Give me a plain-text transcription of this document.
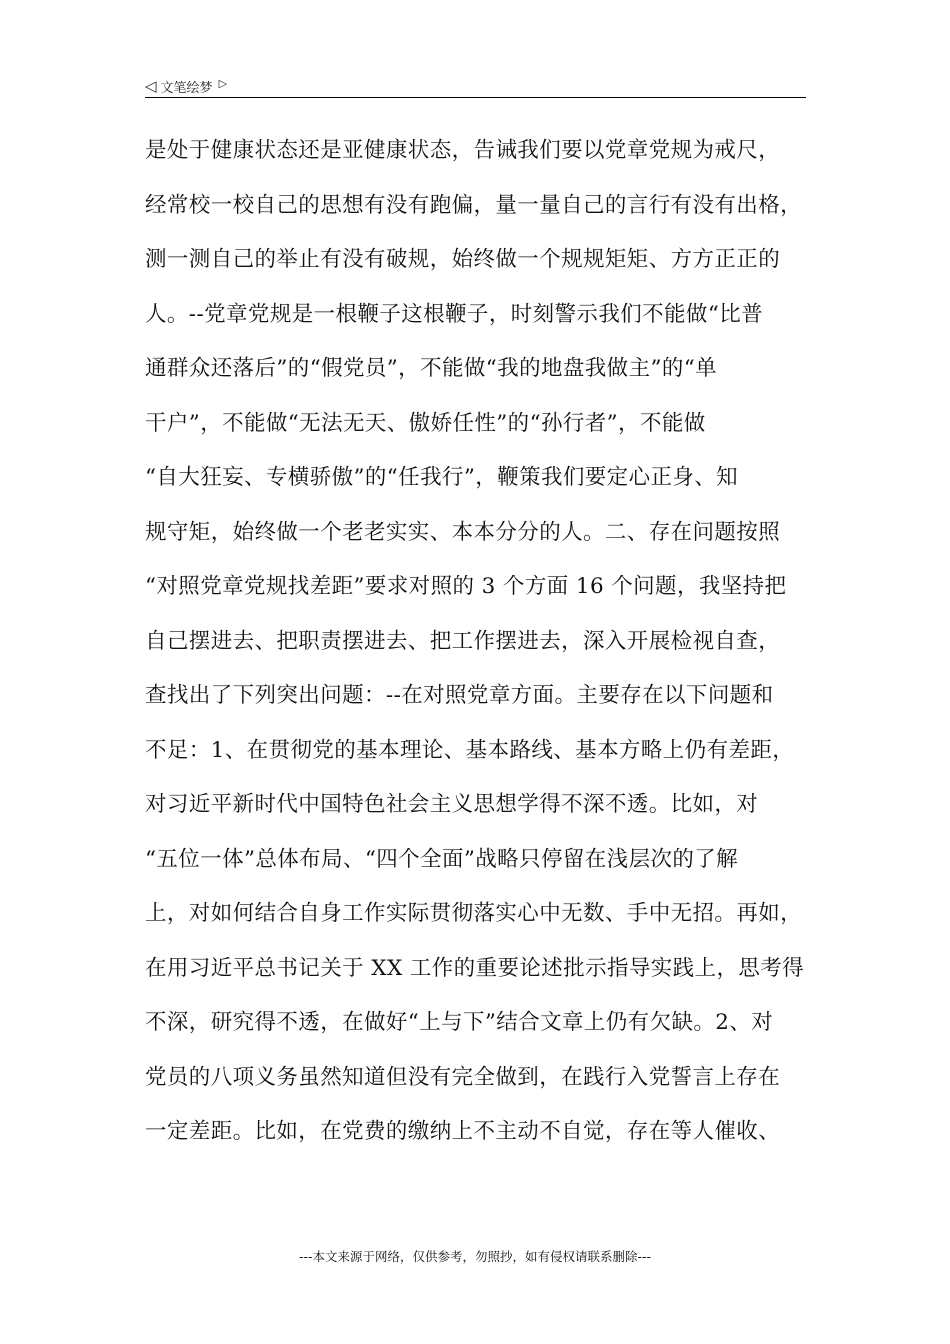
◁ 文笔绘梦 ▷
是处于健康状态还是亚健康状态，告诫我们要以党章党规为戒尺，
经常校一校自己的思想有没有跑偏，量一量自己的言行有没有出格，
测一测自己的举止有没有破规，始终做一个规规矩矩、方方正正的
人。--党章党规是一根鞭子这根鞭子，时刻警示我们不能做“比普
通群众还落后”的“假党员”，不能做“我的地盘我做主”的“单
干户”，不能做“无法无天、傲娇任性”的“孙行者”，不能做
“自大狂妄、专横骄傲”的“任我行”，鞭策我们要定心正身、知
规守矩，始终做一个老老实实、本本分分的人。二、存在问题按照
“对照党章党规找差距”要求对照的 3 个方面 16 个问题，我坚持把
自己摆进去、把职责摆进去、把工作摆进去，深入开展检视自查，
查找出了下列突出问题：--在对照党章方面。主要存在以下问题和
不足：1、在贯彻党的基本理论、基本路线、基本方略上仍有差距，
对习近平新时代中国特色社会主义思想学得不深不透。比如，对
“五位一体”总体布局、“四个全面”战略只停留在浅层次的了解
上，对如何结合自身工作实际贯彻落实心中无数、手中无招。再如，
在用习近平总书记关于 XX 工作的重要论述批示指导实践上，思考得
不深，研究得不透，在做好“上与下”结合文章上仍有欠缺。2、对
党员的八项义务虽然知道但没有完全做到，在践行入党誓言上存在
一定差距。比如，在党费的缴纳上不主动不自觉，存在等人催收、
---本文来源于网络，仅供参考，勿照抄，如有侵权请联系删除---
